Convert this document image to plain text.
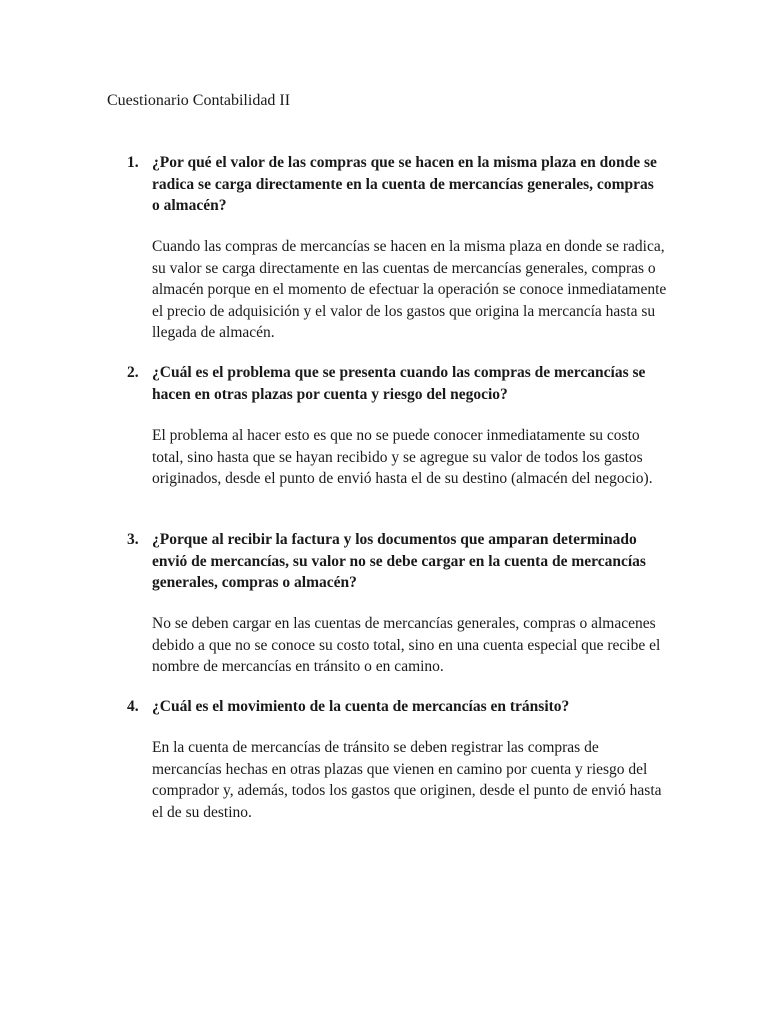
Cuestionario Contabilidad II
1. ¿Por qué el valor de las compras que se hacen en la misma plaza en donde se radica se carga directamente en la cuenta de mercancías generales, compras o almacén?

Cuando las compras de mercancías se hacen en la misma plaza en donde se radica, su valor se carga directamente en las cuentas de mercancías generales, compras o almacén porque en el momento de efectuar la operación se conoce inmediatamente el precio de adquisición y el valor de los gastos que origina la mercancía hasta su llegada de almacén.

2. ¿Cuál es el problema que se presenta cuando las compras de mercancías se hacen en otras plazas por cuenta y riesgo del negocio?

El problema al hacer esto es que no se puede conocer inmediatamente su costo total, sino hasta que se hayan recibido y se agregue su valor de todos los gastos originados, desde el punto de envió hasta el de su destino (almacén del negocio).

3. ¿Porque al recibir la factura y los documentos que amparan determinado envió de mercancías, su valor no se debe cargar en la cuenta de mercancías generales, compras o almacén?

No se deben cargar en las cuentas de mercancías generales, compras o almacenes debido a que no se conoce su costo total, sino en una cuenta especial que recibe el nombre de mercancías en tránsito o en camino.

4. ¿Cuál es el movimiento de la cuenta de mercancías en tránsito?

En la cuenta de mercancías de tránsito se deben registrar las compras de mercancías hechas en otras plazas que vienen en camino por cuenta y riesgo del comprador y, además, todos los gastos que originen, desde el punto de envió hasta el de su destino.
